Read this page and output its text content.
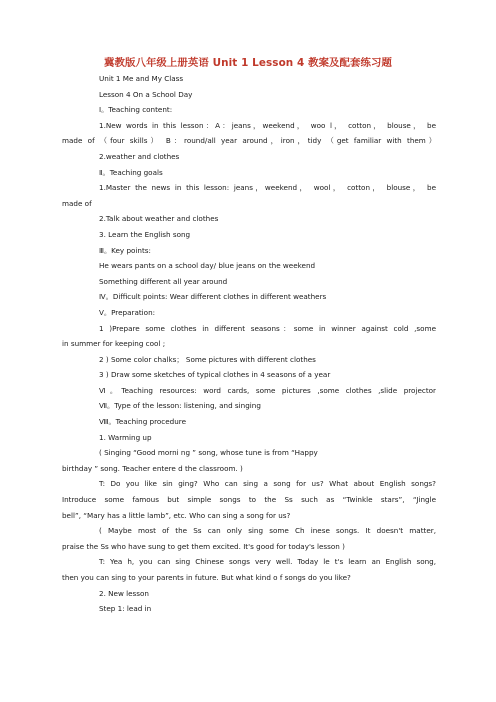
冀教版八年级上册英语 Unit 1 Lesson 4 教案及配套练习题
Unit 1 Me and My Class
Lesson 4 On a School Day
Ⅰ。Teaching content:
1.New words in this lesson：A：jeans，weekend， woo l， cotton， blouse， be
made of （four skills） B：round/all year around，iron，tidy （get familiar with them）
2.weather and clothes
Ⅱ。Teaching goals
1.Master the news in this lesson: jeans，weekend， wool， cotton， blouse， be
made of
2.Talk about weather and clothes
3. Learn the English song
Ⅲ。Key points:
He wears pants on a school day/ blue jeans on the weekend
Something different all year around
Ⅳ。Difficult points: Wear different clothes in different weathers
Ⅴ。Preparation:
1 )Prepare some clothes in different seasons：some in winner against cold ,some
in summer for keeping cool ;
2 ) Some color chalks； Some pictures with different clothes
3 ) Draw some sketches of typical clothes in 4 seasons of a year
Ⅵ。Teaching resources: word cards, some pictures ,some clothes ,slide projector
Ⅶ。Type of the lesson: listening, and singing
Ⅷ。Teaching procedure
1. Warming up
( Singing “Good morni ng ” song, whose tune is from “Happy
birthday ” song. Teacher entere d the classroom. )
T: Do you like sin ging? Who can sing a song for us? What about English songs?
Introduce some famous but simple songs to the Ss such as “Twinkle stars”, “Jingle
bell”, “Mary has a little lamb”, etc. Who can sing a song for us?
( Maybe most of the Ss can only sing some Ch inese songs. It doesn't matter,
praise the Ss who have sung to get them excited. It's good for today's lesson )
T: Yea h, you can sing Chinese songs very well. Today le t's learn an English song,
then you can sing to your parents in future. But what kind o f songs do you like?
2. New lesson
Step 1: lead in
